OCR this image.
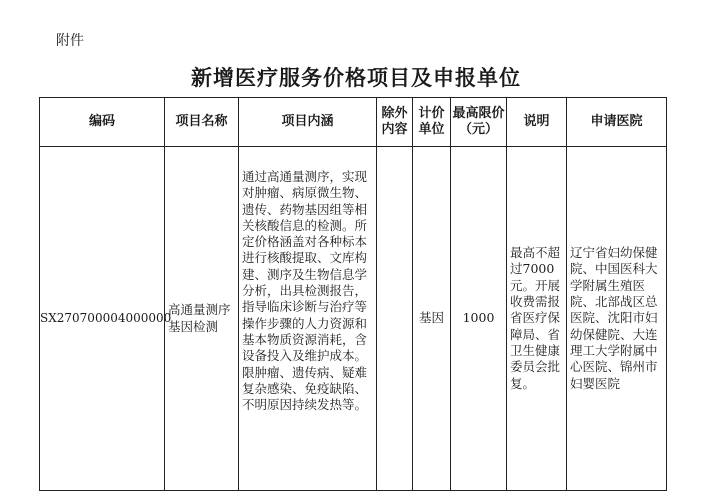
附件
新增医疗服务价格项目及申报单位
编码	项目名称	项目内涵	除外内容	计价单位	最高限价（元）	说明	申请医院
SX270700004000000	高通量测序基因检测	通过高通量测序，实现对肿瘤、病原微生物、遗传、药物基因组等相关核酸信息的检测。所定价格涵盖对各种标本进行核酸提取、文库构建、测序及生物信息学分析，出具检测报告，指导临床诊断与治疗等操作步骤的人力资源和基本物质资源消耗，含设备投入及维护成本。限肿瘤、遗传病、疑难复杂感染、免疫缺陷、不明原因持续发热等。		基因	1000	最高不超过7000元。开展收费需报省医疗保障局、省卫生健康委员会批复。	辽宁省妇幼保健院、中国医科大学附属生殖医院、北部战区总医院、沈阳市妇幼保健院、大连理工大学附属中心医院、锦州市妇婴医院
